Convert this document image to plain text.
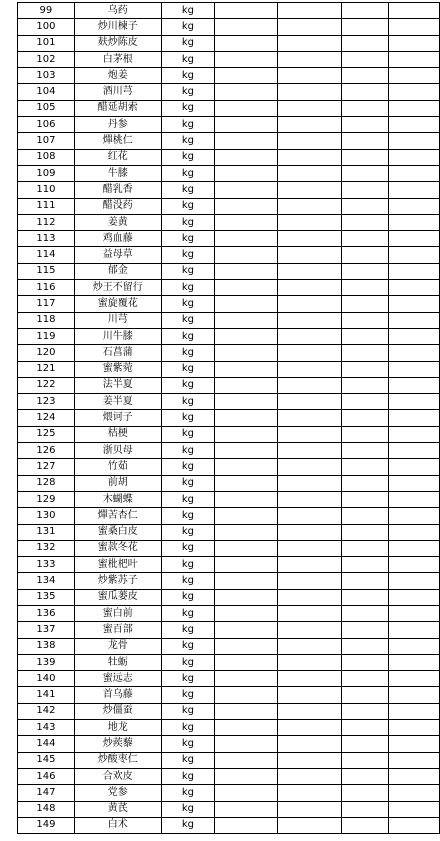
99	乌药	kg				
100	炒川楝子	kg				
101	麸炒陈皮	kg				
102	白茅根	kg				
103	炮姜	kg				
104	酒川芎	kg				
105	醋延胡索	kg				
106	丹参	kg				
107	燀桃仁	kg				
108	红花	kg				
109	牛膝	kg				
110	醋乳香	kg				
111	醋没药	kg				
112	姜黄	kg				
113	鸡血藤	kg				
114	益母草	kg				
115	郁金	kg				
116	炒王不留行	kg				
117	蜜旋覆花	kg				
118	川芎	kg				
119	川牛膝	kg				
120	石菖蒲	kg				
121	蜜紫菀	kg				
122	法半夏	kg				
123	姜半夏	kg				
124	煨诃子	kg				
125	桔梗	kg				
126	浙贝母	kg				
127	竹茹	kg				
128	前胡	kg				
129	木蝴蝶	kg				
130	燀苦杏仁	kg				
131	蜜桑白皮	kg				
132	蜜款冬花	kg				
133	蜜枇杷叶	kg				
134	炒紫苏子	kg				
135	蜜瓜蒌皮	kg				
136	蜜白前	kg				
137	蜜百部	kg				
138	龙骨	kg				
139	牡蛎	kg				
140	蜜远志	kg				
141	首乌藤	kg				
142	炒僵蚕	kg				
143	地龙	kg				
144	炒蒺藜	kg				
145	炒酸枣仁	kg				
146	合欢皮	kg				
147	党参	kg				
148	黄芪	kg				
149	白术	kg				
